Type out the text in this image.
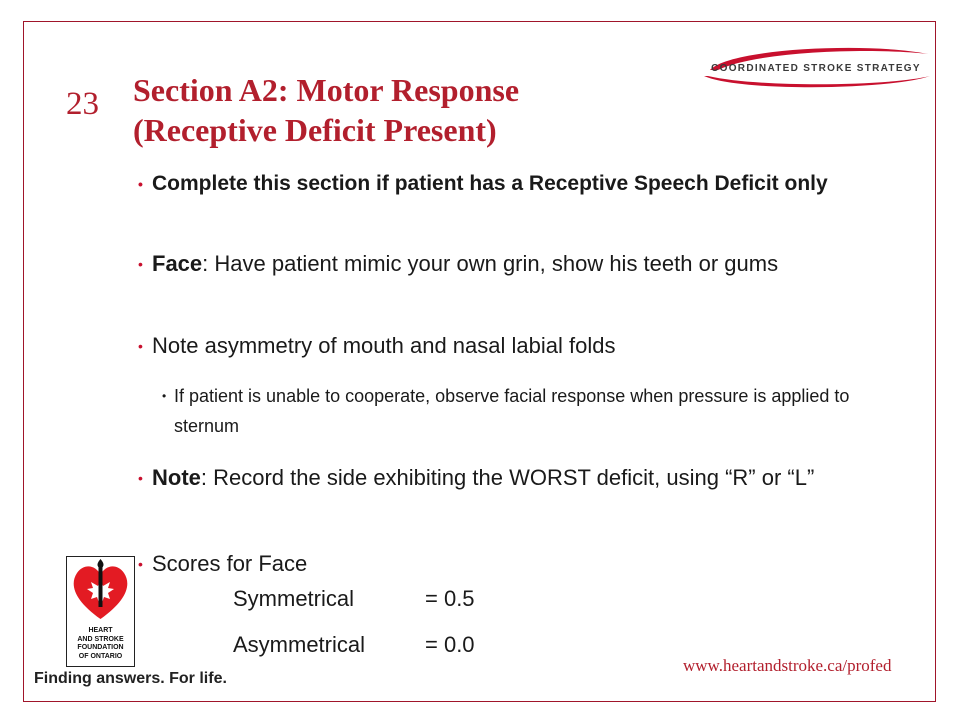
23 Section A2: Motor Response
(Receptive Deficit Present)
COORDINATED STROKE STRATEGY
• Complete this section if patient has a Receptive Speech Deficit only
• Face: Have patient mimic your own grin, show his teeth or gums
• Note asymmetry of mouth and nasal labial folds
• Note: Record the side exhibiting the WORST deficit, using “R” or “L”
• Scores for Face
• If patient is unable to cooperate, observe facial response when pressure is applied to sternum
Symmetrical	= 0.5
Asymmetrical	= 0.0
HEART
AND STROKE
FOUNDATION
OF ONTARIO
Finding answers. For life.
www.heartandstroke.ca/profed
